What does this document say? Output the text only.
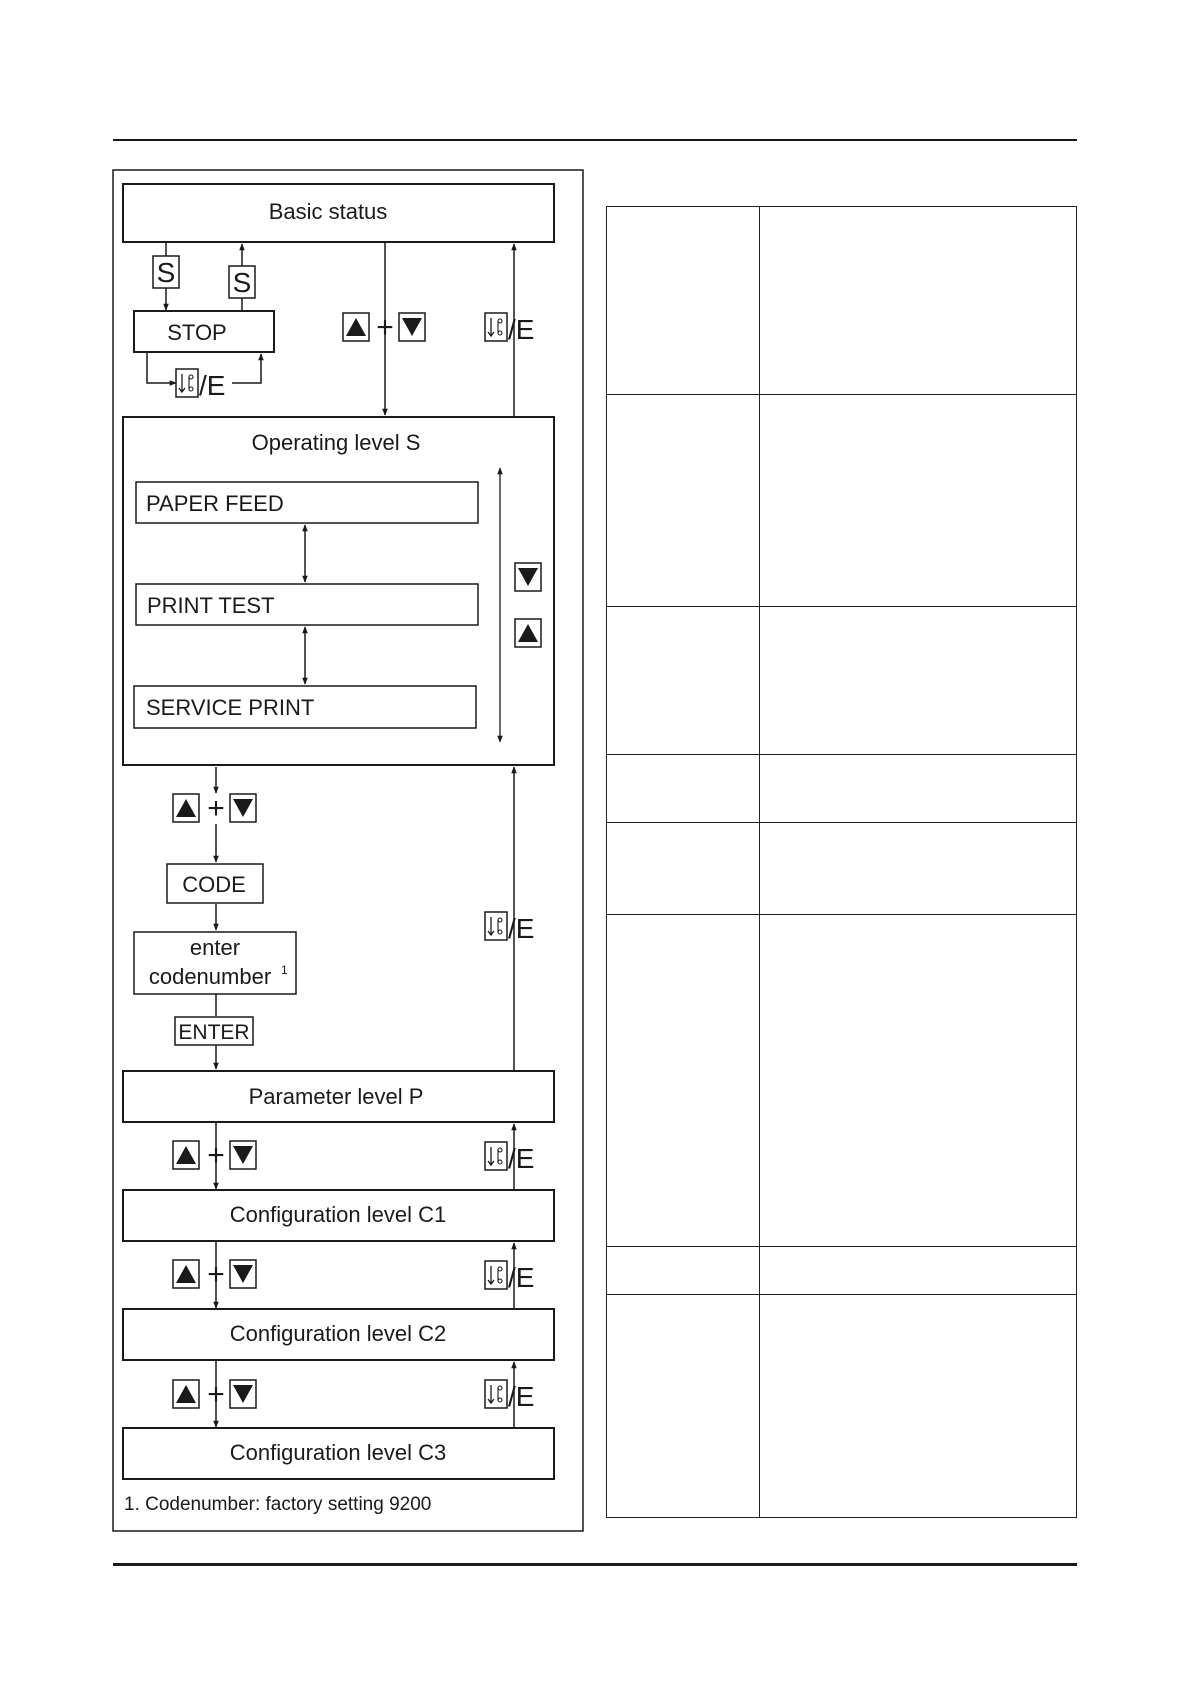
Basic status
S S
STOP
/E
+	/E
Operating level S
PAPER FEED
PRINT TEST
SERVICE PRINT
+
CODE
enter
codenumber 1
ENTER
/E
Parameter level P
+	/E
Configuration level C1
+	/E
Configuration level C2
+	/E
Configuration level C3
1. Codenumber: factory setting 9200
